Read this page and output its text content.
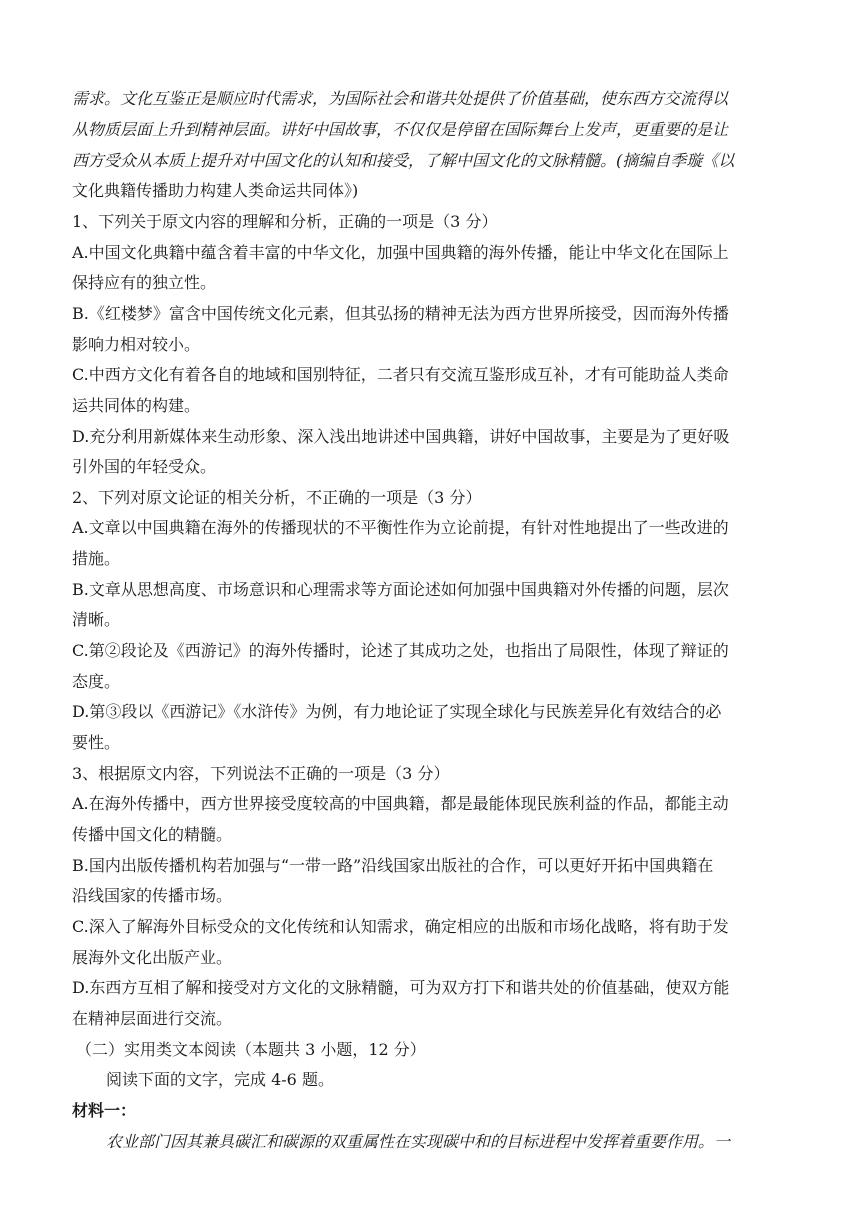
需求。文化互鉴正是顺应时代需求，为国际社会和谐共处提供了价值基础，使东西方交流得以
从物质层面上升到精神层面。讲好中国故事，不仅仅是停留在国际舞台上发声，更重要的是让
西方受众从本质上提升对中国文化的认知和接受，了解中国文化的文脉精髓。(摘编自季璇《以
文化典籍传播助力构建人类命运共同体》)
1、下列关于原文内容的理解和分析，正确的一项是（3 分）
A.中国文化典籍中蕴含着丰富的中华文化，加强中国典籍的海外传播，能让中华文化在国际上
保持应有的独立性。
B.《红楼梦》富含中国传统文化元素，但其弘扬的精神无法为西方世界所接受，因而海外传播
影响力相对较小。
C.中西方文化有着各自的地域和国别特征，二者只有交流互鉴形成互补，才有可能助益人类命
运共同体的构建。
D.充分利用新媒体来生动形象、深入浅出地讲述中国典籍，讲好中国故事，主要是为了更好吸
引外国的年轻受众。
2、下列对原文论证的相关分析，不正确的一项是（3 分）
A.文章以中国典籍在海外的传播现状的不平衡性作为立论前提，有针对性地提出了一些改进的
措施。
B.文章从思想高度、市场意识和心理需求等方面论述如何加强中国典籍对外传播的问题，层次
清晰。
C.第②段论及《西游记》的海外传播时，论述了其成功之处，也指出了局限性，体现了辩证的
态度。
D.第③段以《西游记》《水浒传》为例，有力地论证了实现全球化与民族差异化有效结合的必
要性。
3、根据原文内容，下列说法不正确的一项是（3 分）
A.在海外传播中，西方世界接受度较高的中国典籍，都是最能体现民族利益的作品，都能主动
传播中国文化的精髓。
B.国内出版传播机构若加强与“一带一路”沿线国家出版社的合作，可以更好开拓中国典籍在
沿线国家的传播市场。
C.深入了解海外目标受众的文化传统和认知需求，确定相应的出版和市场化战略，将有助于发
展海外文化出版产业。
D.东西方互相了解和接受对方文化的文脉精髓，可为双方打下和谐共处的价值基础，使双方能
在精神层面进行交流。
（二）实用类文本阅读（本题共 3 小题，12 分）
阅读下面的文字，完成 4-6 题。
材料一：
农业部门因其兼具碳汇和碳源的双重属性在实现碳中和的目标进程中发挥着重要作用。一
